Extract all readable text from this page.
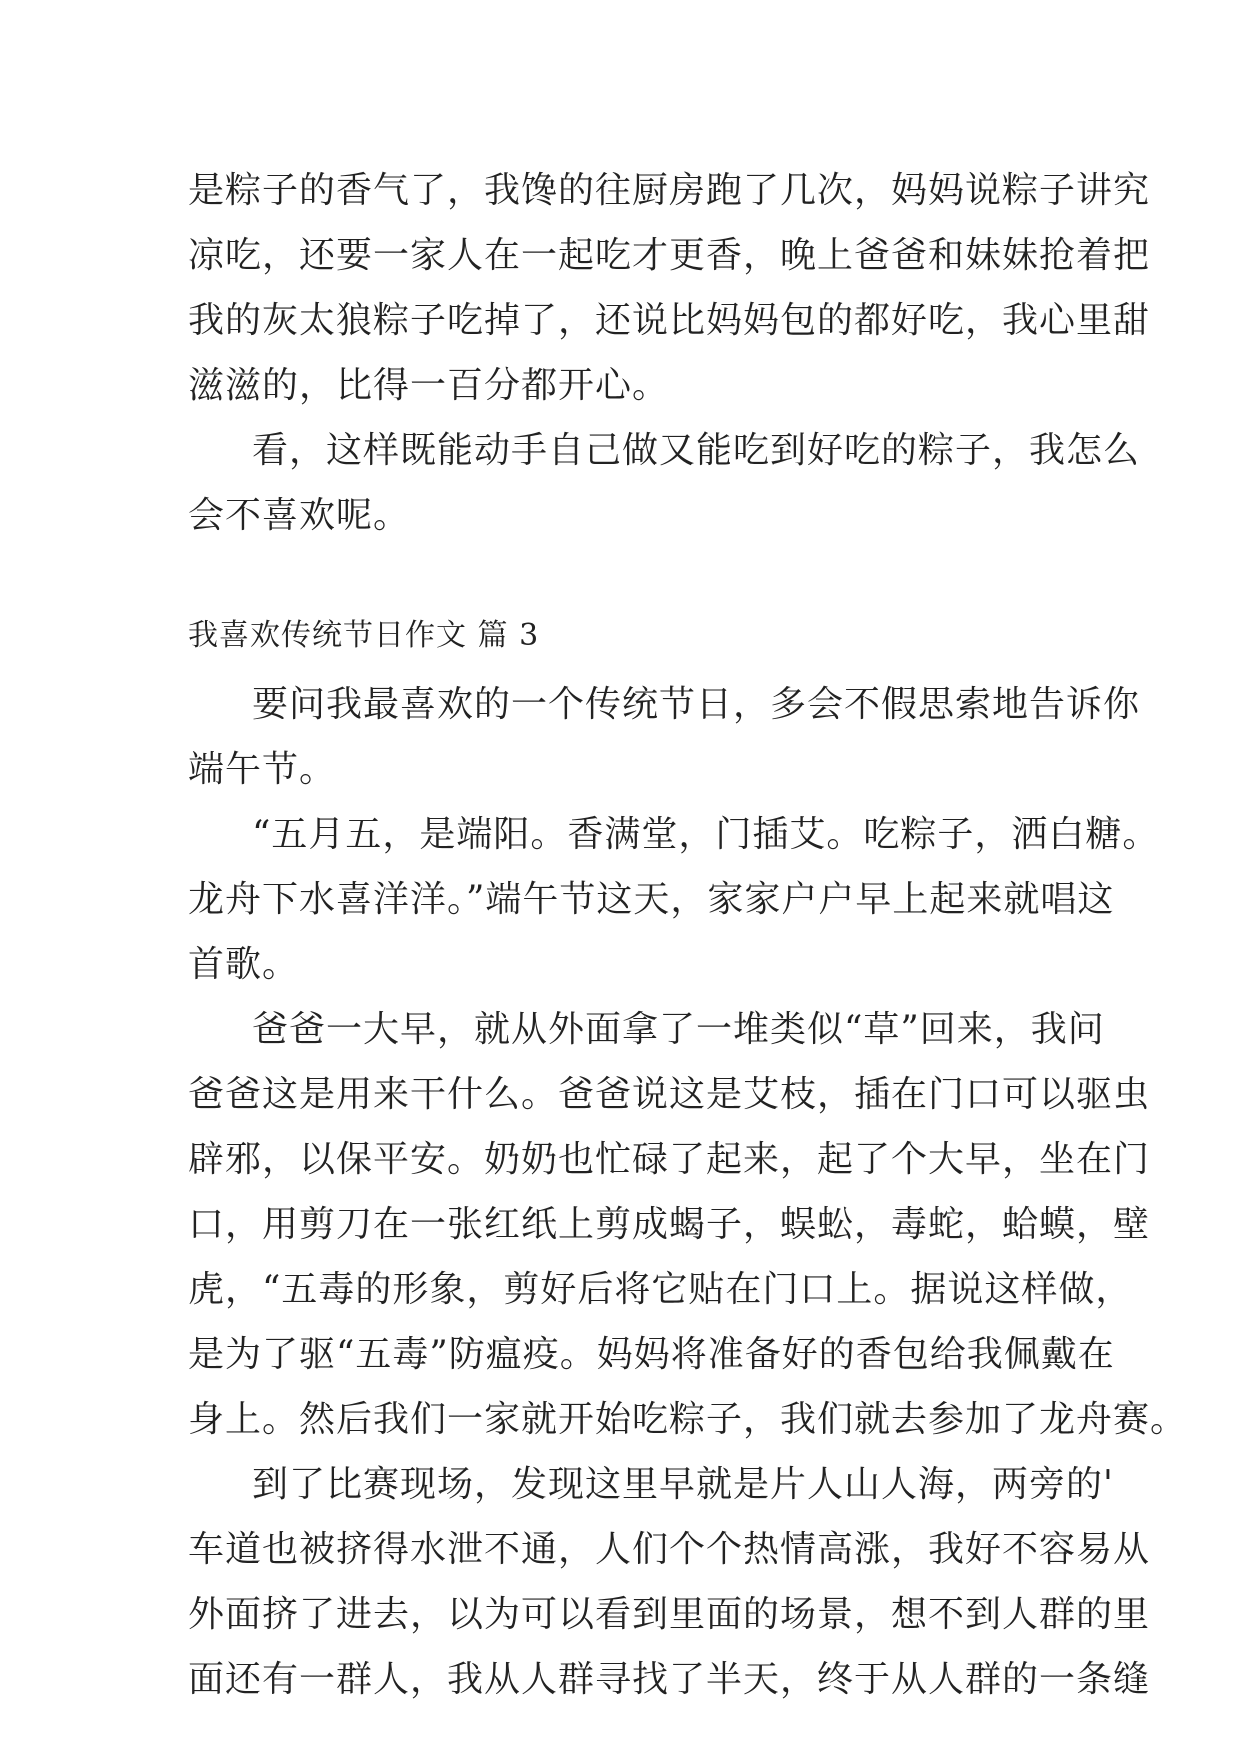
是粽子的香气了，我馋的往厨房跑了几次，妈妈说粽子讲究
凉吃，还要一家人在一起吃才更香，晚上爸爸和妹妹抢着把
我的灰太狼粽子吃掉了，还说比妈妈包的都好吃，我心里甜
滋滋的，比得一百分都开心。
看，这样既能动手自己做又能吃到好吃的粽子，我怎么
会不喜欢呢。
我喜欢传统节日作文 篇 3
要问我最喜欢的一个传统节日，多会不假思索地告诉你
端午节。
“五月五，是端阳。香满堂，门插艾。吃粽子，洒白糖。
龙舟下水喜洋洋。”端午节这天，家家户户早上起来就唱这
首歌。
爸爸一大早，就从外面拿了一堆类似“草”回来，我问
爸爸这是用来干什么。爸爸说这是艾枝，插在门口可以驱虫
辟邪，以保平安。奶奶也忙碌了起来，起了个大早，坐在门
口，用剪刀在一张红纸上剪成蝎子，蜈蚣，毒蛇，蛤蟆，壁
虎，“五毒的形象，剪好后将它贴在门口上。据说这样做，
是为了驱“五毒”防瘟疫。妈妈将准备好的香包给我佩戴在
身上。然后我们一家就开始吃粽子，我们就去参加了龙舟赛。
到了比赛现场，发现这里早就是片人山人海，两旁的'
车道也被挤得水泄不通，人们个个热情高涨，我好不容易从
外面挤了进去，以为可以看到里面的场景，想不到人群的里
面还有一群人，我从人群寻找了半天，终于从人群的一条缝
